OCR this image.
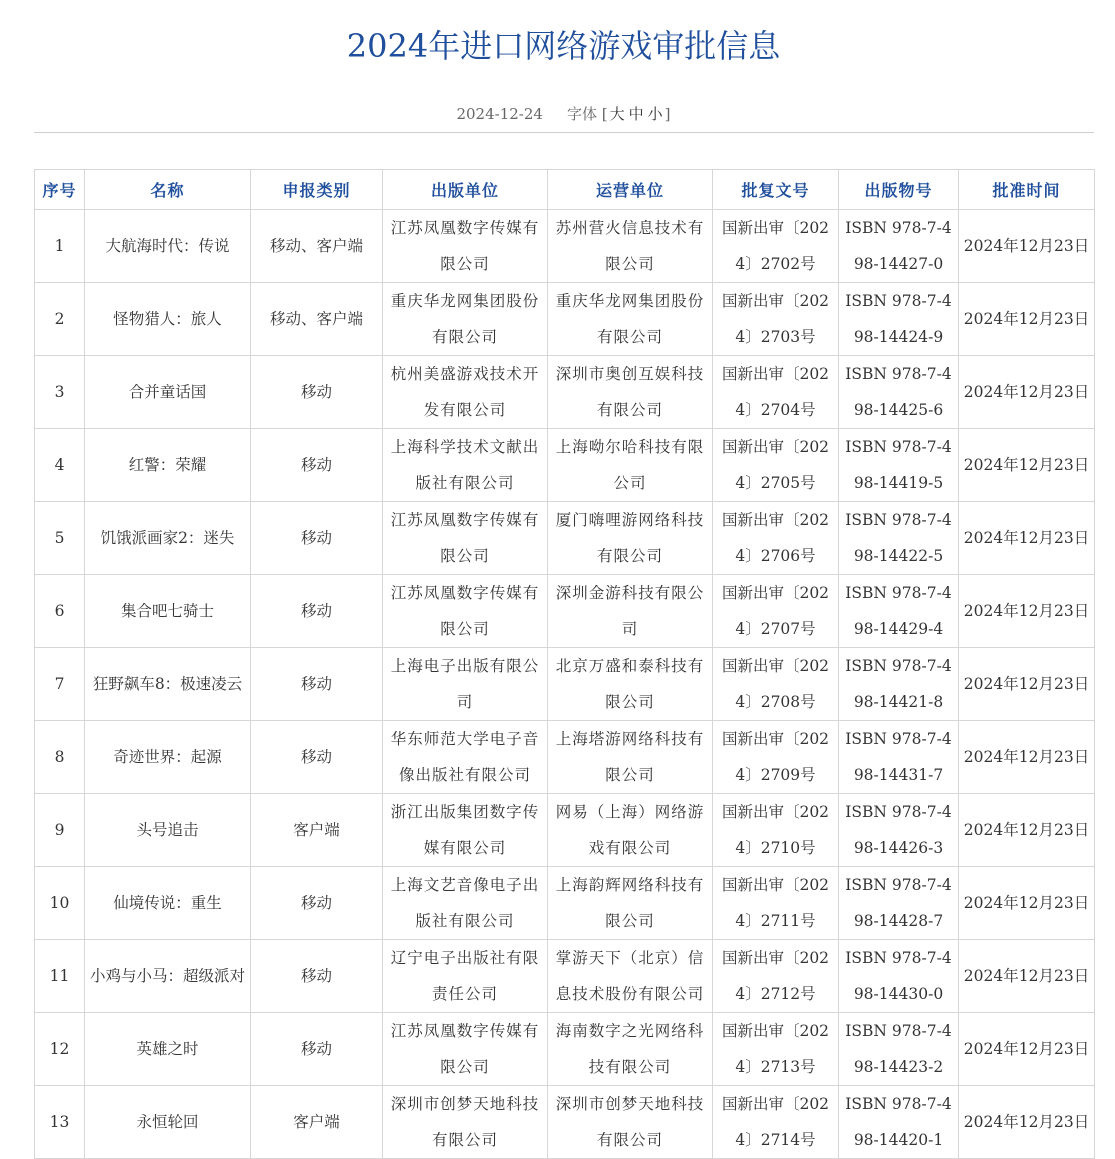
2024年进口网络游戏审批信息
2024-12-24 字体 [ 大 中 小 ]
序号	名称	申报类别	出版单位	运营单位	批复文号	出版物号	批准时间
1	大航海时代：传说	移动、客户端	江苏凤凰数字传媒有限公司	苏州营火信息技术有限公司	国新出审〔2024〕2702号	ISBN 978-7-498-14427-0	2024年12月23日
2	怪物猎人：旅人	移动、客户端	重庆华龙网集团股份有限公司	重庆华龙网集团股份有限公司	国新出审〔2024〕2703号	ISBN 978-7-498-14424-9	2024年12月23日
3	合并童话国	移动	杭州美盛游戏技术开发有限公司	深圳市奥创互娱科技有限公司	国新出审〔2024〕2704号	ISBN 978-7-498-14425-6	2024年12月23日
4	红警：荣耀	移动	上海科学技术文献出版社有限公司	上海呦尔哈科技有限公司	国新出审〔2024〕2705号	ISBN 978-7-498-14419-5	2024年12月23日
5	饥饿派画家2：迷失	移动	江苏凤凰数字传媒有限公司	厦门嗨哩游网络科技有限公司	国新出审〔2024〕2706号	ISBN 978-7-498-14422-5	2024年12月23日
6	集合吧七骑士	移动	江苏凤凰数字传媒有限公司	深圳金游科技有限公司	国新出审〔2024〕2707号	ISBN 978-7-498-14429-4	2024年12月23日
7	狂野飙车8：极速凌云	移动	上海电子出版有限公司	北京万盛和泰科技有限公司	国新出审〔2024〕2708号	ISBN 978-7-498-14421-8	2024年12月23日
8	奇迹世界：起源	移动	华东师范大学电子音像出版社有限公司	上海塔游网络科技有限公司	国新出审〔2024〕2709号	ISBN 978-7-498-14431-7	2024年12月23日
9	头号追击	客户端	浙江出版集团数字传媒有限公司	网易（上海）网络游戏有限公司	国新出审〔2024〕2710号	ISBN 978-7-498-14426-3	2024年12月23日
10	仙境传说：重生	移动	上海文艺音像电子出版社有限公司	上海韵辉网络科技有限公司	国新出审〔2024〕2711号	ISBN 978-7-498-14428-7	2024年12月23日
11	小鸡与小马：超级派对	移动	辽宁电子出版社有限责任公司	掌游天下（北京）信息技术股份有限公司	国新出审〔2024〕2712号	ISBN 978-7-498-14430-0	2024年12月23日
12	英雄之时	移动	江苏凤凰数字传媒有限公司	海南数字之光网络科技有限公司	国新出审〔2024〕2713号	ISBN 978-7-498-14423-2	2024年12月23日
13	永恒轮回	客户端	深圳市创梦天地科技有限公司	深圳市创梦天地科技有限公司	国新出审〔2024〕2714号	ISBN 978-7-498-14420-1	2024年12月23日
